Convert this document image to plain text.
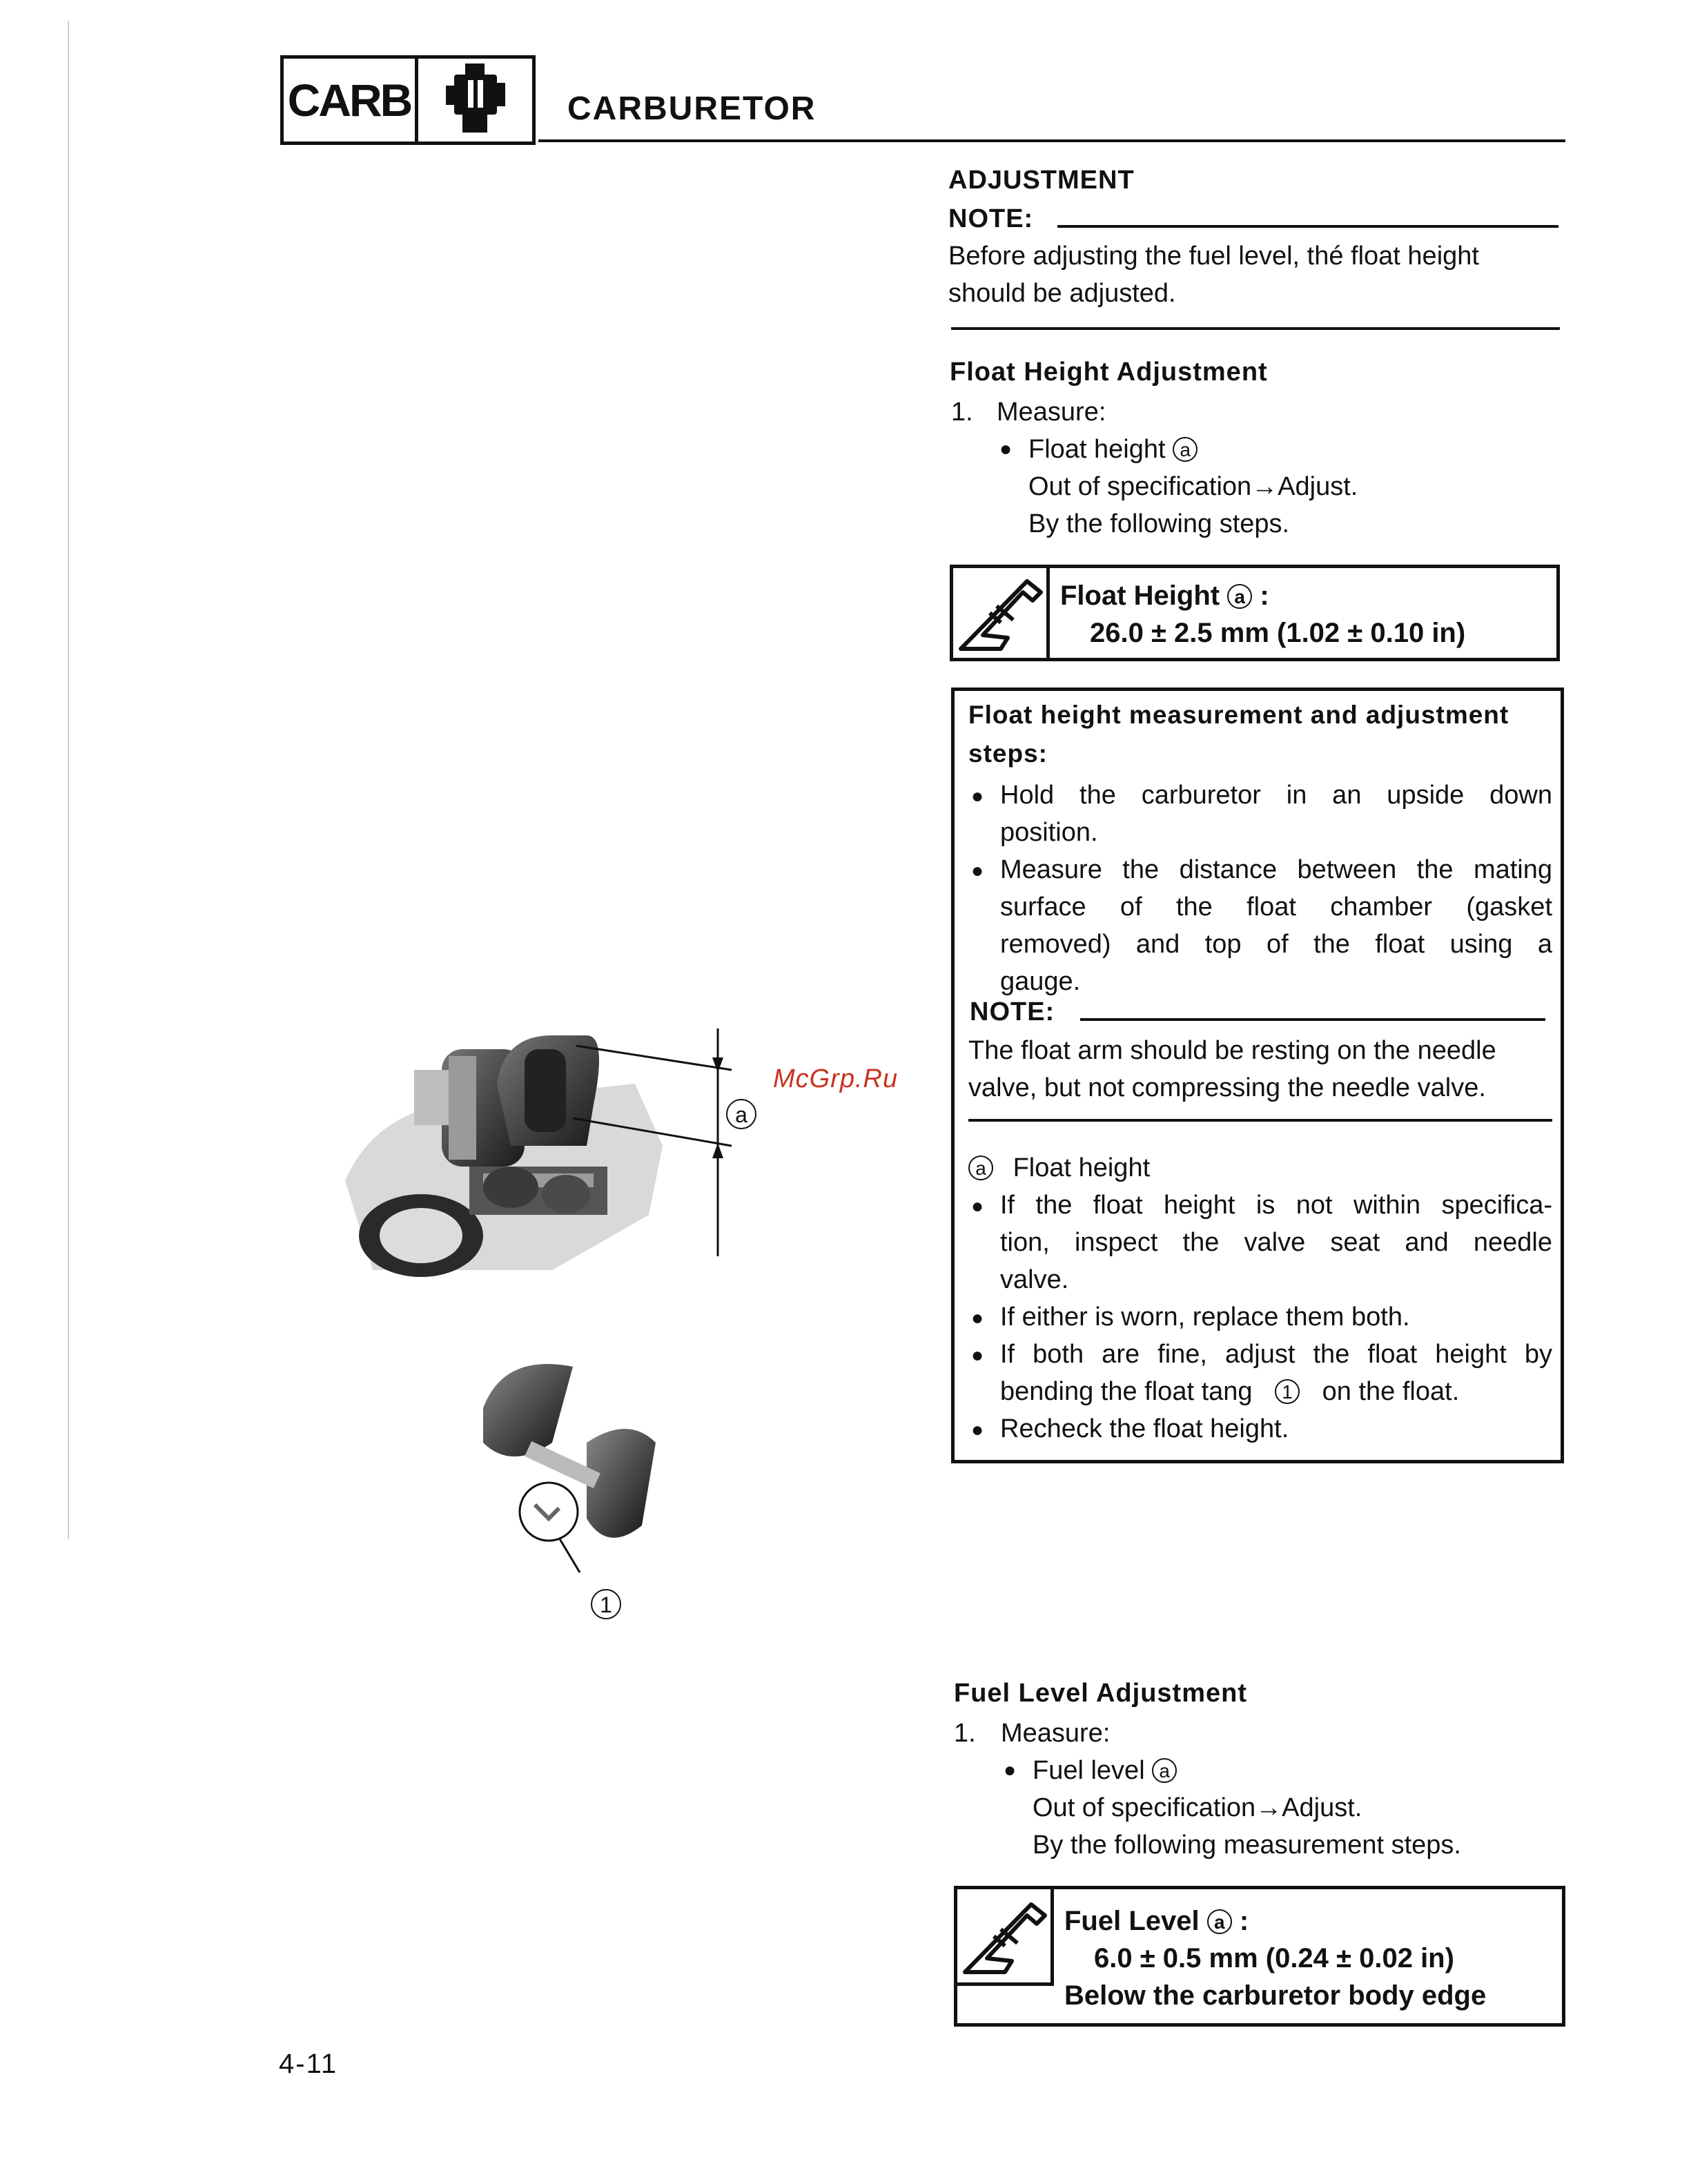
CARB	CARBURETOR
ADJUSTMENT
NOTE:
Before adjusting the fuel level, thé float height
should be adjusted.
Float Height Adjustment
1. Measure:
● Float height a
Out of specification→Adjust.
By the following steps.
Float Height a :
26.0 ± 2.5 mm (1.02 ± 0.10 in)
Float height measurement and adjustment
steps:
● Hold the carburetor in an upside down
position.
● Measure the distance between the mating
surface of the float chamber (gasket
removed) and top of the float using a
gauge.
NOTE:
The float arm should be resting on the needle
valve, but not compressing the needle valve.
a Float height
● If the float height is not within specifica-
tion, inspect the valve seat and needle
valve.
● If either is worn, replace them both.
● If both are fine, adjust the float height by
bending the float tang 1 on the float.
● Recheck the float height.
a
McGrp.Ru
1
Fuel Level Adjustment
1. Measure:
● Fuel level a
Out of specification→Adjust.
By the following measurement steps.
Fuel Level a :
6.0 ± 0.5 mm (0.24 ± 0.02 in)
Below the carburetor body edge
4-11
